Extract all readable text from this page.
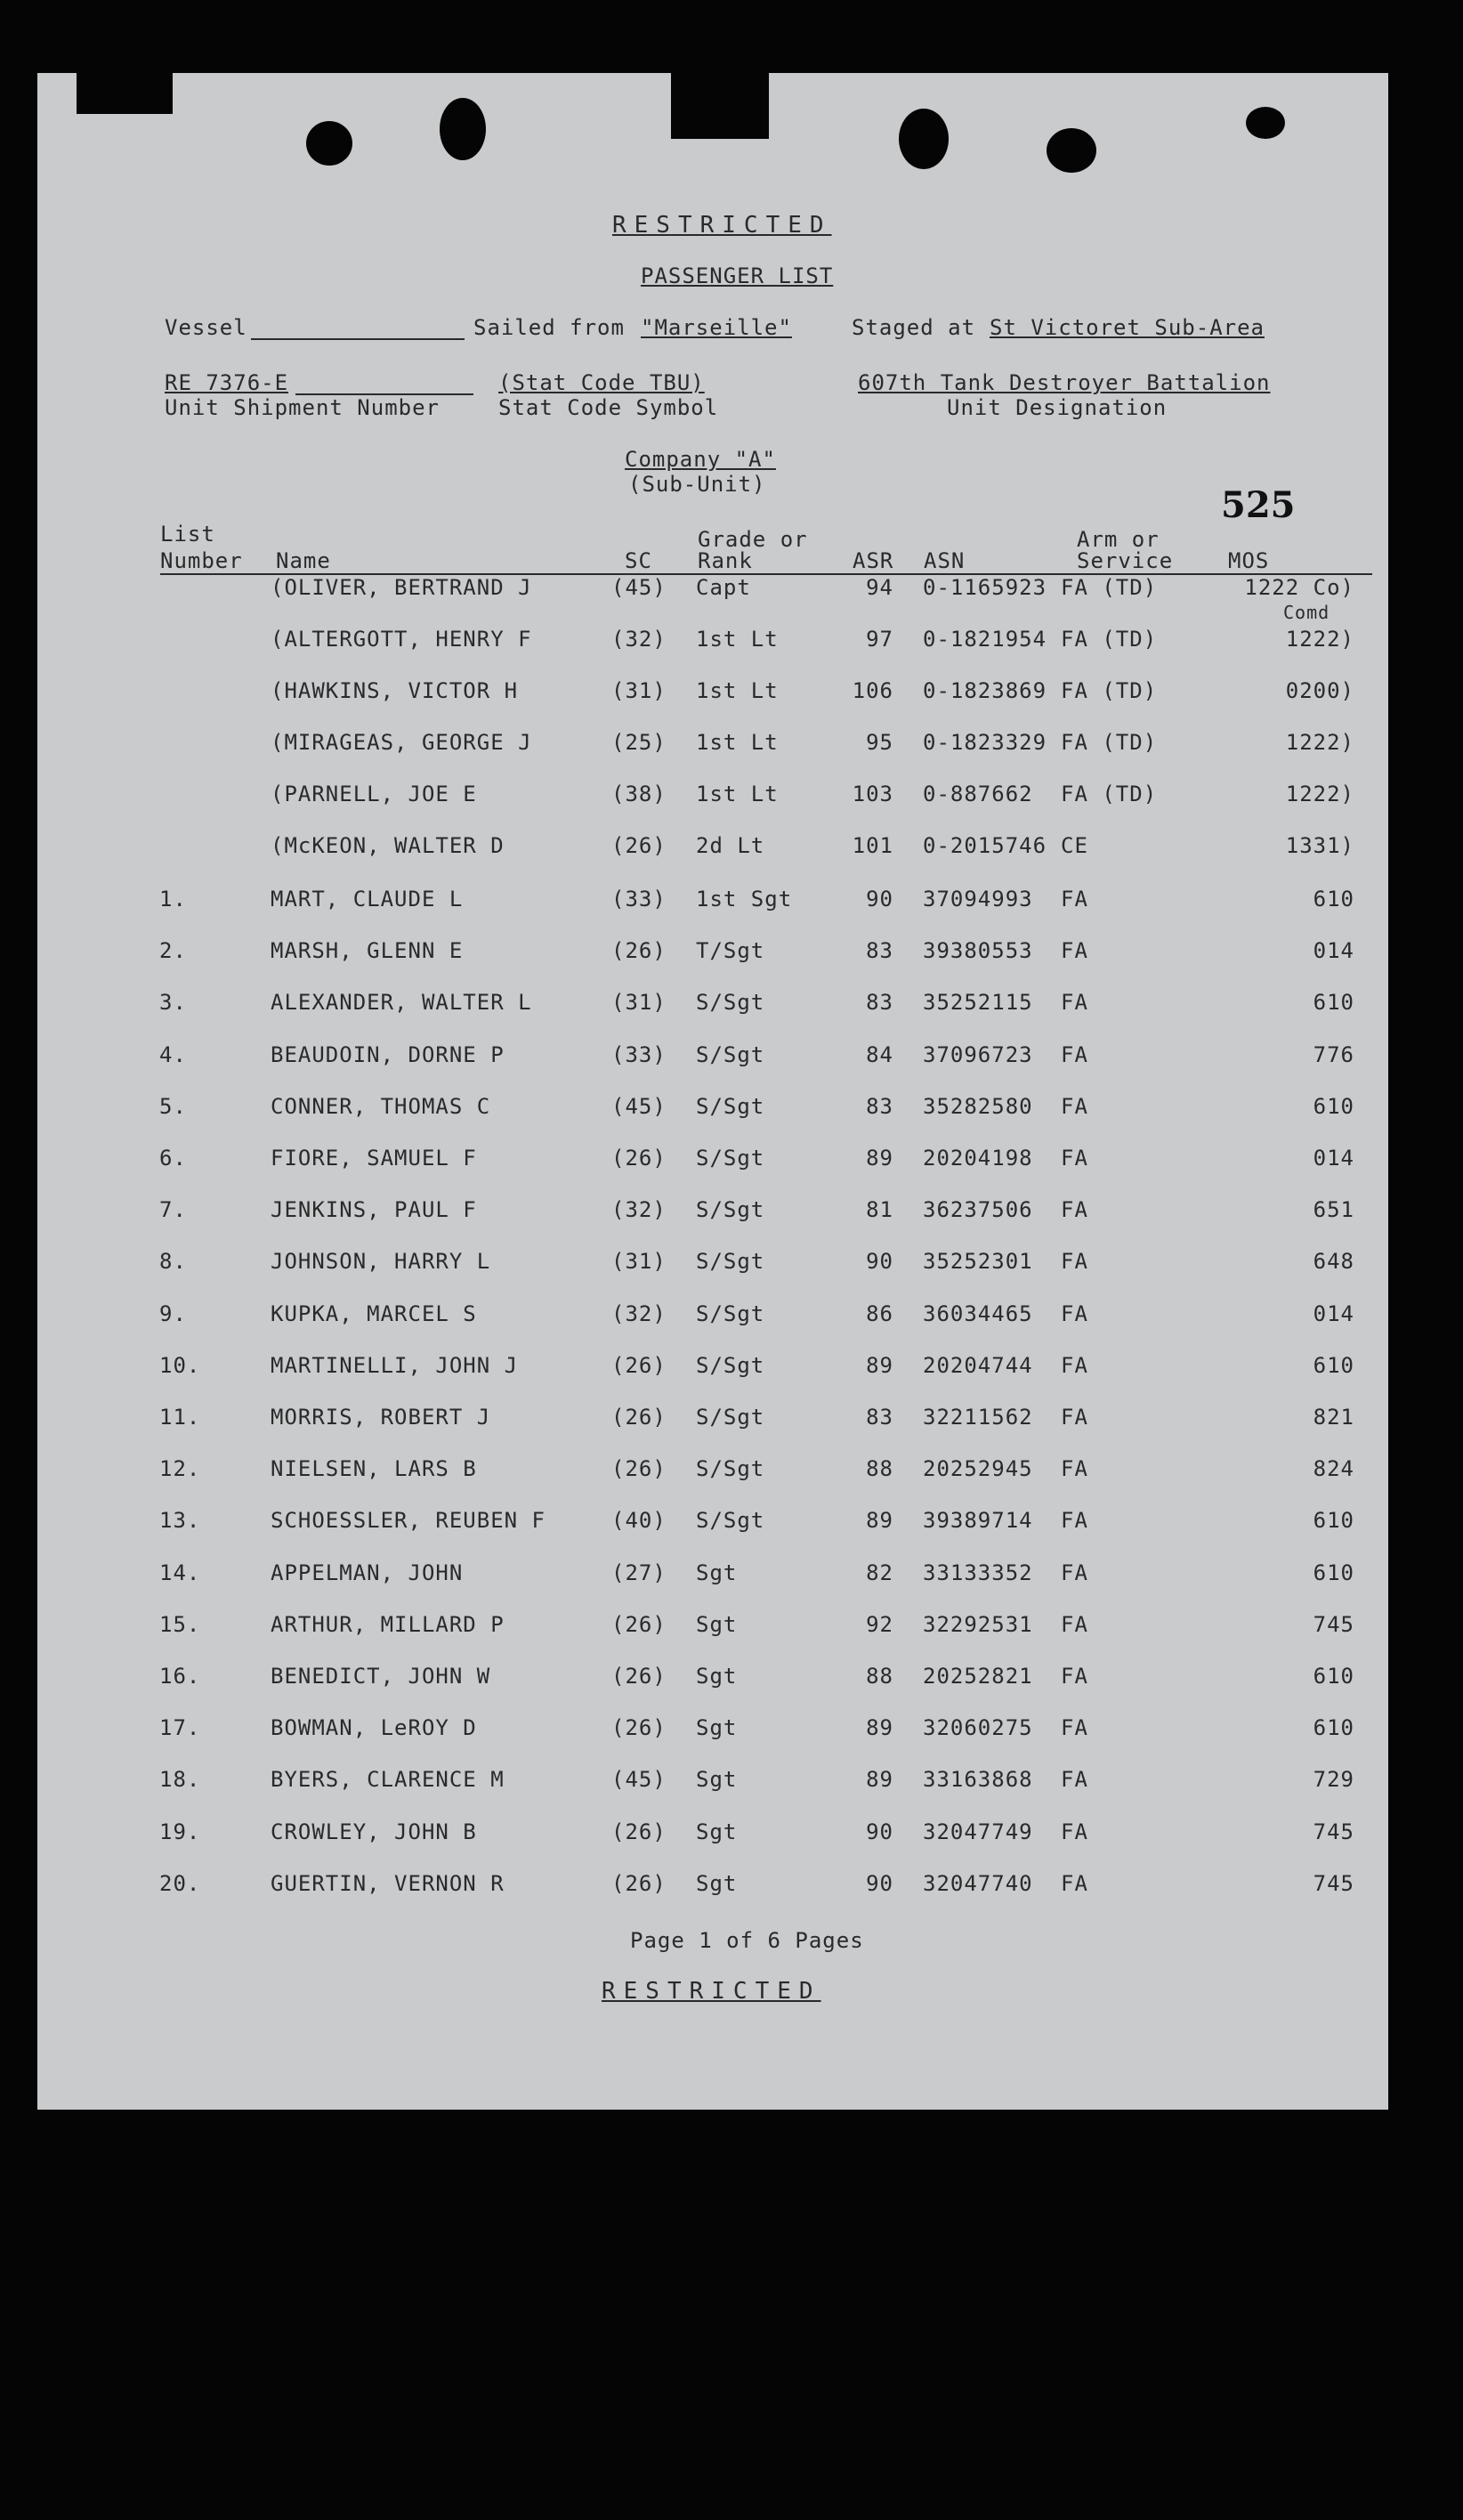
RESTRICTED
PASSENGER LIST
Vessel	Sailed from "Marseille"	Staged at St Victoret Sub-Area
RE 7376-E
Unit Shipment Number
(Stat Code TBU)
Stat Code Symbol
607th Tank Destroyer Battalion
Unit Designation
Company "A"
(Sub-Unit)	525
List
Number Name	SC
Grade or
Rank	ASR ASN
Arm or
Service	MOS
(OLIVER, BERTRAND J	(45) Capt	94 0-1165923 FA (TD)	1222 Co)
Comd
(ALTERGOTT, HENRY F	(32) 1st Lt	97 0-1821954 FA (TD)	1222)
(HAWKINS, VICTOR H	(31) 1st Lt	106 0-1823869 FA (TD)	0200)
(MIRAGEAS, GEORGE J	(25) 1st Lt	95 0-1823329 FA (TD)	1222)
(PARNELL, JOE E	(38) 1st Lt	103 0-887662 FA (TD)	1222)
(McKEON, WALTER D	(26) 2d Lt	101 0-2015746 CE	1331)
1.	MART, CLAUDE L	(33) 1st Sgt	90 37094993 FA	610
2.	MARSH, GLENN E	(26) T/Sgt	83 39380553 FA	014
3.	ALEXANDER, WALTER L	(31) S/Sgt	83 35252115 FA	610
4.	BEAUDOIN, DORNE P	(33) S/Sgt	84 37096723 FA	776
5.	CONNER, THOMAS C	(45) S/Sgt	83 35282580 FA	610
6.	FIORE, SAMUEL F	(26) S/Sgt	89 20204198 FA	014
7.	JENKINS, PAUL F	(32) S/Sgt	81 36237506 FA	651
8.	JOHNSON, HARRY L	(31) S/Sgt	90 35252301 FA	648
9.	KUPKA, MARCEL S	(32) S/Sgt	86 36034465 FA	014
10.	MARTINELLI, JOHN J	(26) S/Sgt	89 20204744 FA	610
11.	MORRIS, ROBERT J	(26) S/Sgt	83 32211562 FA	821
12.	NIELSEN, LARS B	(26) S/Sgt	88 20252945 FA	824
13.	SCHOESSLER, REUBEN F	(40) S/Sgt	89 39389714 FA	610
14.	APPELMAN, JOHN	(27) Sgt	82 33133352 FA	610
15.	ARTHUR, MILLARD P	(26) Sgt	92 32292531 FA	745
16.	BENEDICT, JOHN W	(26) Sgt	88 20252821 FA	610
17.	BOWMAN, LeROY D	(26) Sgt	89 32060275 FA	610
18.	BYERS, CLARENCE M	(45) Sgt	89 33163868 FA	729
19.	CROWLEY, JOHN B	(26) Sgt	90 32047749 FA	745
20.	GUERTIN, VERNON R	(26) Sgt	90 32047740 FA	745
Page 1 of 6 Pages
RESTRICTED
